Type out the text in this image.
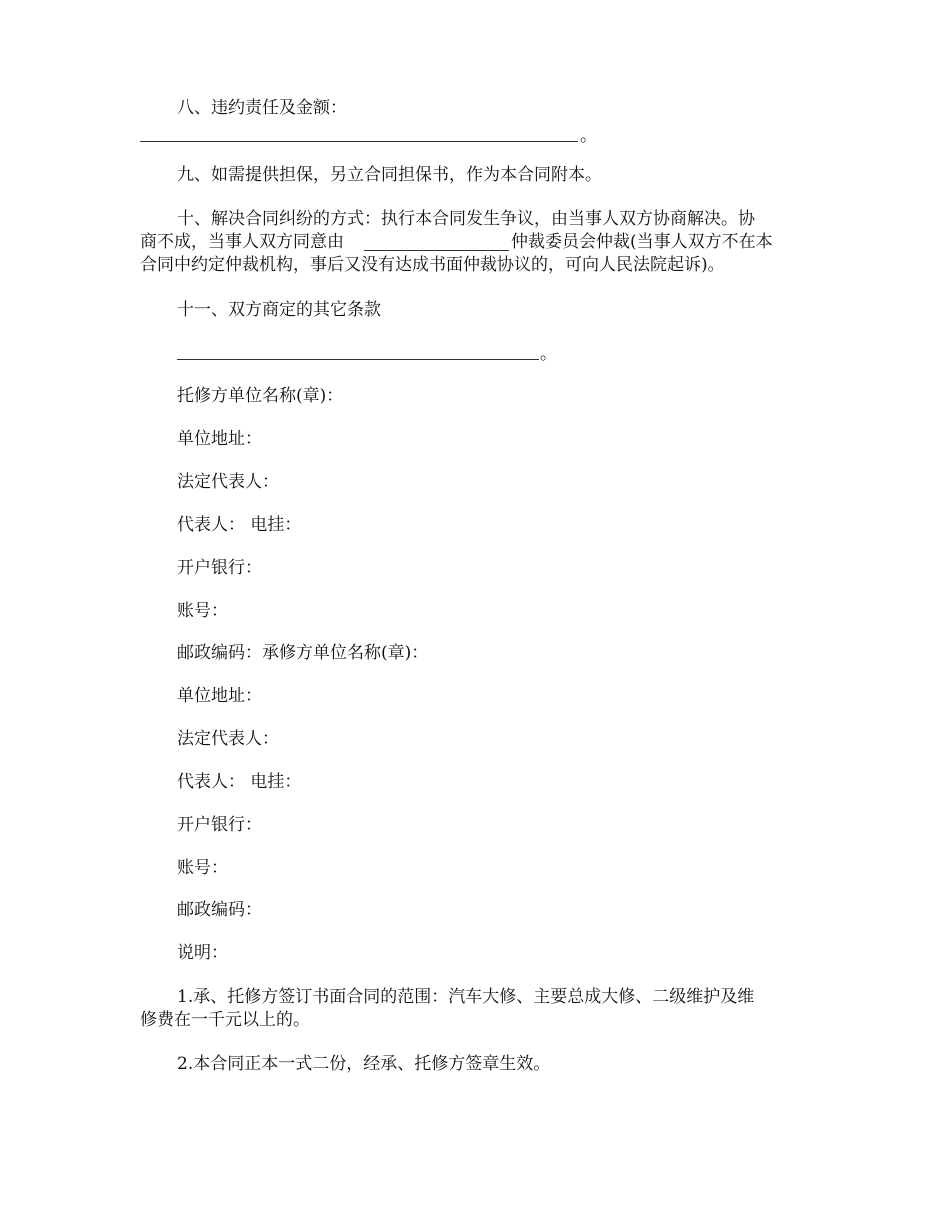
八、违约责任及金额：
。
九、如需提供担保，另立合同担保书，作为本合同附本。
十、解决合同纠纷的方式：执行本合同发生争议，由当事人双方协商解决。协
商不成，当事人双方同意由	仲裁委员会仲裁(当事人双方不在本
合同中约定仲裁机构，事后又没有达成书面仲裁协议的，可向人民法院起诉)。
十一、双方商定的其它条款
。
托修方单位名称(章)：
单位地址：
法定代表人：
代表人： 电挂：
开户银行：
账号：
邮政编码：承修方单位名称(章)：
单位地址：
法定代表人：
代表人： 电挂：
开户银行：
账号：
邮政编码：
说明：
1.承、托修方签订书面合同的范围：汽车大修、主要总成大修、二级维护及维
修费在一千元以上的。
2.本合同正本一式二份，经承、托修方签章生效。
